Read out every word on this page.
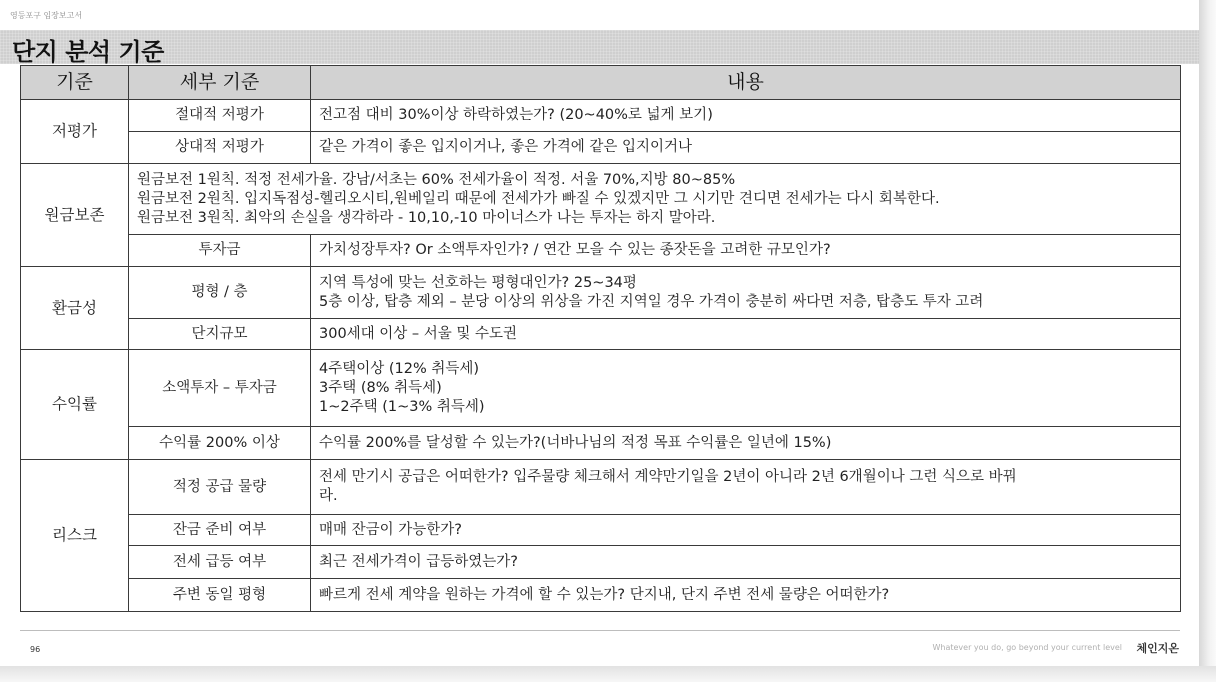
영등포구 임장보고서
단지 분석 기준
기준	세부 기준	내용
저평가	절대적 저평가	전고점 대비 30%이상 하락하였는가? (20~40%로 넓게 보기)

	상대적 저평가	같은 가격이 좋은 입지이거나, 좋은 가격에 같은 입지이거나

원금보존	원금보전 1원칙. 적정 전세가율. 강남/서초는 60% 전세가율이 적정. 서울 70%,지방 80~85%
원금보전 2원칙. 입지독점성-헬리오시티,원베일리 때문에 전세가가 빠질 수 있겠지만 그 시기만 견디면 전세가는 다시 회복한다.
원금보전 3원칙. 최악의 손실을 생각하라 - 10,10,-10 마이너스가 나는 투자는 하지 말아라.	

	투자금	가치성장투자? Or 소액투자인가? / 연간 모을 수 있는 종잣돈을 고려한 규모인가?

환금성	평형 / 층	지역 특성에 맞는 선호하는 평형대인가? 25~34평
5층 이상, 탑층 제외 – 분당 이상의 위상을 가진 지역일 경우 가격이 충분히 싸다면 저층, 탑층도 투자 고려

	단지규모	300세대 이상 – 서울 및 수도권

수익률	소액투자 – 투자금	4주택이상 (12% 취득세)
3주택 (8% 취득세)
1~2주택 (1~3% 취득세)

	수익률 200% 이상	수익률 200%를 달성할 수 있는가?(너바나님의 적정 목표 수익률은 일년에 15%)

리스크	적정 공급 물량	전세 만기시 공급은 어떠한가? 입주물량 체크해서 계약만기일을 2년이 아니라 2년 6개월이나 그런 식으로 바꿔
라.

	잔금 준비 여부	매매 잔금이 가능한가?

	전세 급등 여부	최근 전세가격이 급등하였는가?

	주변 동일 평형	빠르게 전세 계약을 원하는 가격에 할 수 있는가? 단지내, 단지 주변 전세 물량은 어떠한가?
96	Whatever you do, go beyond your current level 체인지온
